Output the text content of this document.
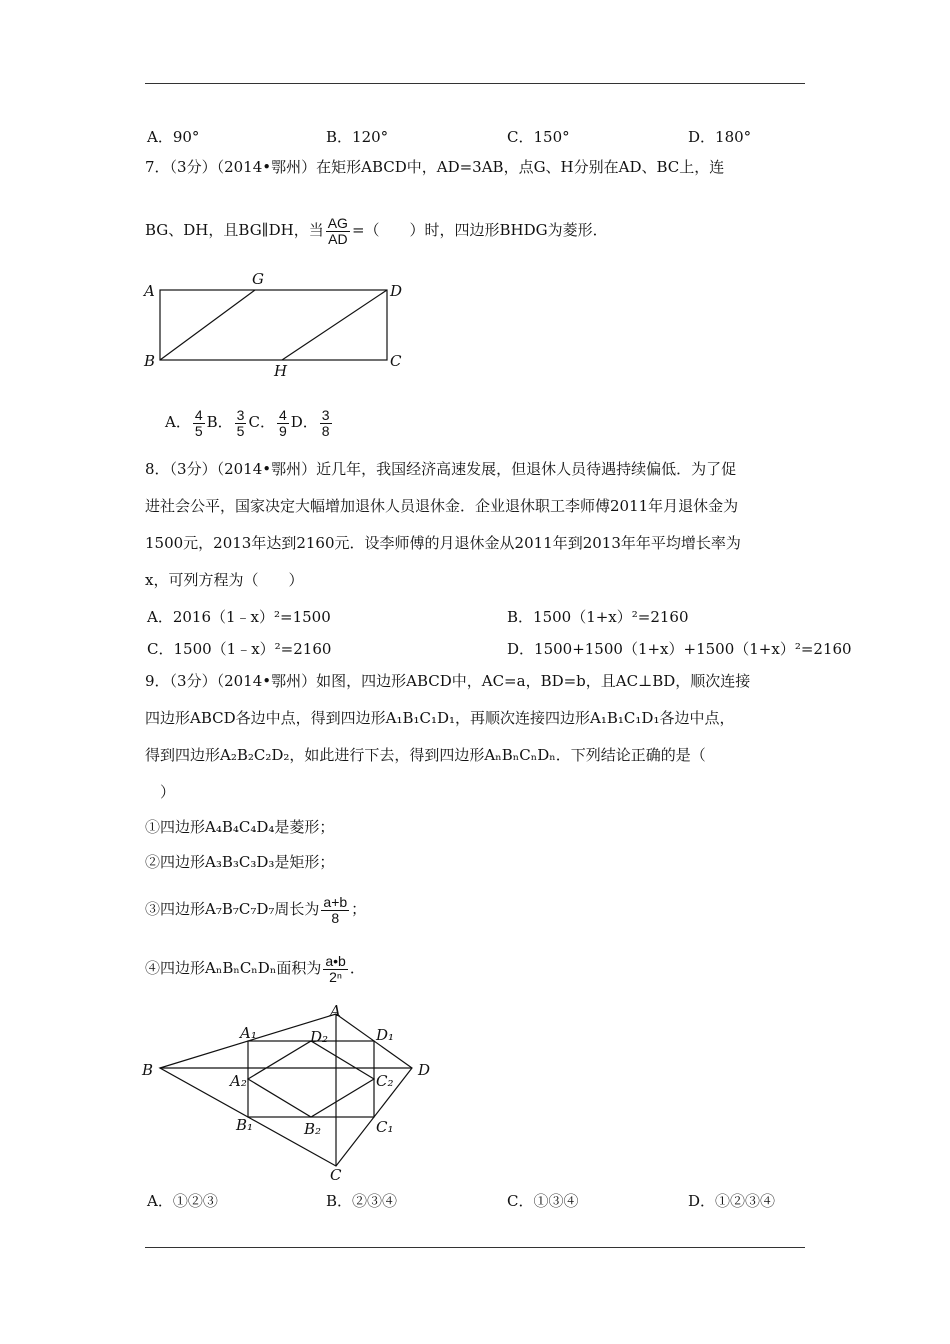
A．90°	B．120°	C．150°	D．180°
7．（3分）（2014•鄂州）在矩形ABCD中，AD=3AB，点G、H分别在AD、BC上，连
BG、DH，且BG∥DH，当 $\frac{AG}{AD}$ =（　　）时，四边形BHDG为菱形．
A
G
D
B
H
C
A． $\frac{4}{5}$ B． $\frac{3}{5}$ C． $\frac{4}{9}$ D． $\frac{3}{8}$
8．（3分）（2014•鄂州）近几年，我国经济高速发展，但退休人员待遇持续偏低．为了促
进社会公平，国家决定大幅增加退休人员退休金．企业退休职工李师傅2011年月退休金为
1500元，2013年达到2160元．设李师傅的月退休金从2011年到2013年年平均增长率为
x，可列方程为（　　）
A．2016（1﹣x）²=1500	B．1500（1+x）²=2160
C．1500（1﹣x）²=2160	D．1500+1500（1+x）+1500（1+x）²=2160
9．（3分）（2014•鄂州）如图，四边形ABCD中，AC=a，BD=b，且AC⊥BD，顺次连接
四边形ABCD各边中点，得到四边形A₁B₁C₁D₁，再顺次连接四边形A₁B₁C₁D₁各边中点，
得到四边形A₂B₂C₂D₂，如此进行下去，得到四边形AₙBₙCₙDₙ．下列结论正确的是（
）
①四边形A₄B₄C₄D₄是菱形；
②四边形A₃B₃C₃D₃是矩形；
③四边形A₇B₇C₇D₇周长为 $\frac{a+b}{8}$ ；
④四边形AₙBₙCₙDₙ面积为 $\frac{a•b}{\text{2ⁿ}}$ ．
A
B
C
D
A₁	D₁
B₁	C₁
A₂
B₂
C₂
D₂
A．①②③	B．②③④	C．①③④	D．①②③④
